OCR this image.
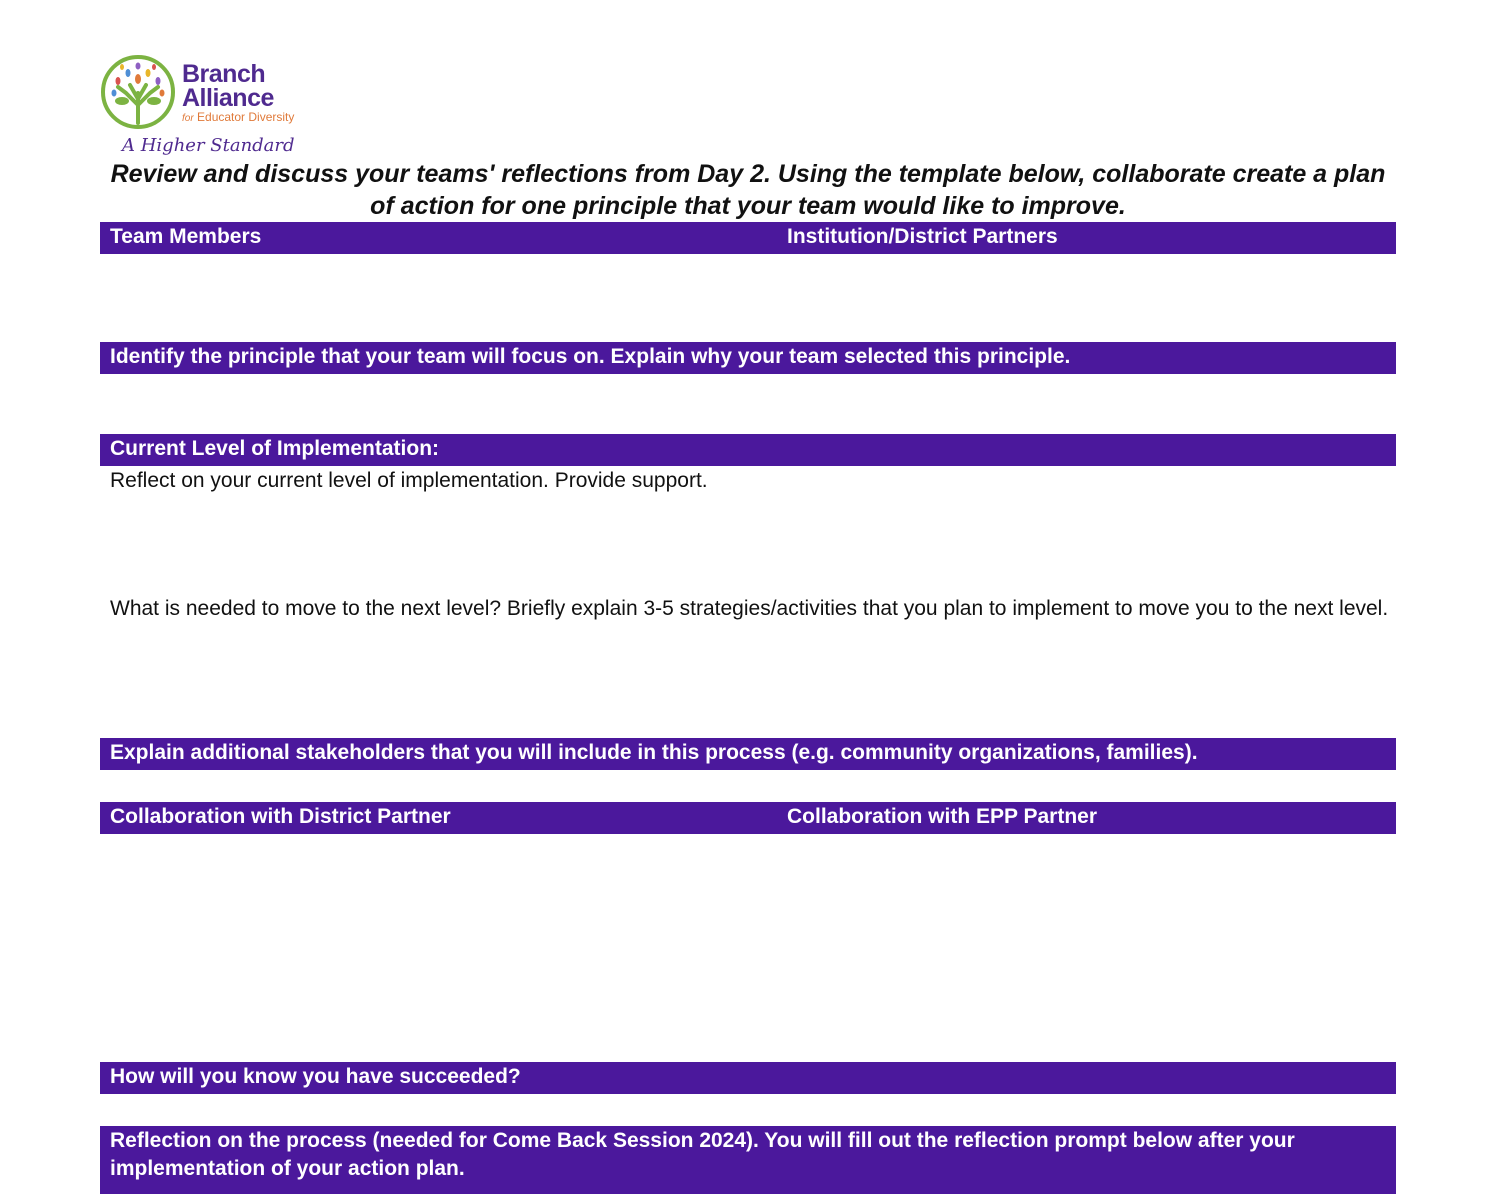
Branch
Alliance
for Educator Diversity
A Higher Standard
Review and discuss your teams' reflections from Day 2. Using the template below, collaborate create a plan of action for one principle that your team would like to improve.
Team Members	Institution/District Partners
Identify the principle that your team will focus on. Explain why your team selected this principle.
Current Level of Implementation:
Reflect on your current level of implementation. Provide support.
What is needed to move to the next level? Briefly explain 3-5 strategies/activities that you plan to implement to move you to the next level.
Explain additional stakeholders that you will include in this process (e.g. community organizations, families).
Collaboration with District Partner	Collaboration with EPP Partner
How will you know you have succeeded?
Reflection on the process (needed for Come Back Session 2024). You will fill out the reflection prompt below after your implementation of your action plan.
